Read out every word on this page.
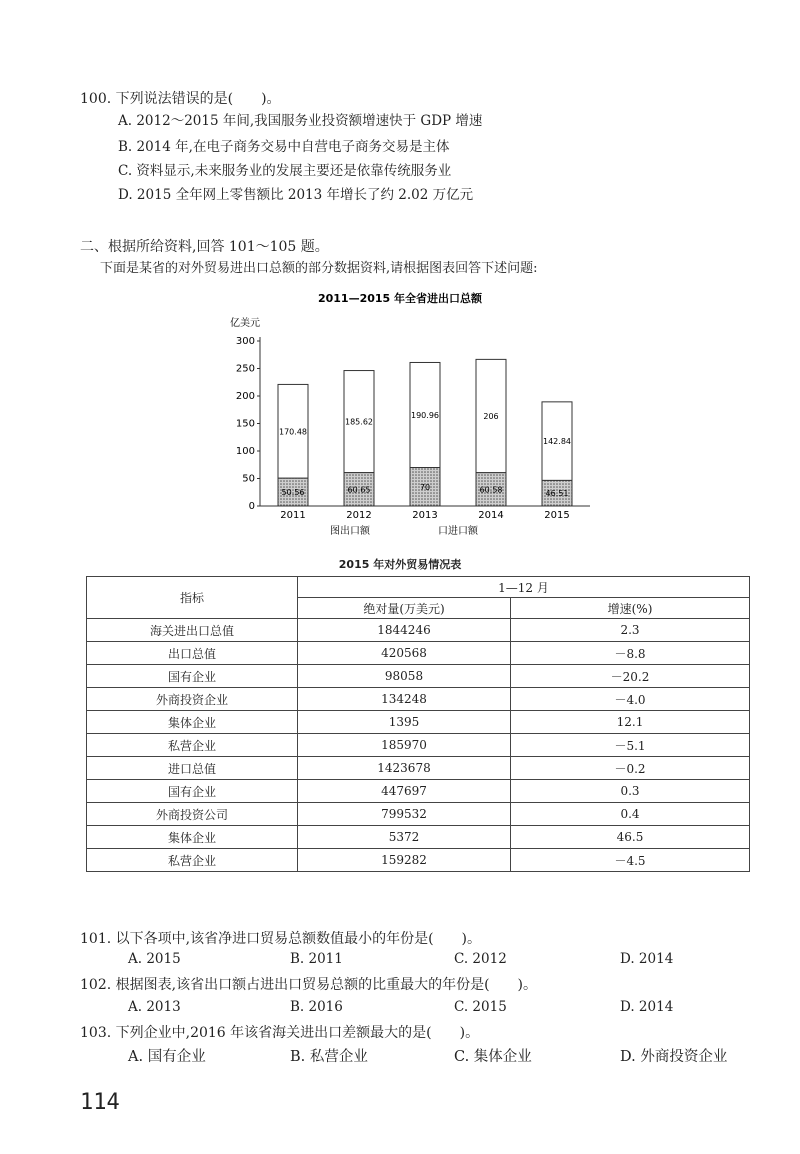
100. 下列说法错误的是(　　)。
A. 2012～2015 年间,我国服务业投资额增速快于 GDP 增速
B. 2014 年,在电子商务交易中自营电子商务交易是主体
C. 资料显示,未来服务业的发展主要还是依靠传统服务业
D. 2015 全年网上零售额比 2013 年增长了约 2.02 万亿元
二、根据所给资料,回答 101～105 题。
下面是某省的对外贸易进出口总额的部分数据资料,请根据图表回答下述问题:
2011—2015 年全省进出口总额
亿美元
0
50
100
150
200
250
300
170.48
50.56
2011
185.62
60.65
2012
190.96
70
2013
206
60.58
2014
142.84
46.51
2015
图出口额	口进口额
2015 年对外贸易情况表
指标	1—12 月	
	绝对量(万美元)	增速(%)
海关进出口总值	1844246	2.3
出口总值	420568	－8.8
国有企业	98058	－20.2
外商投资企业	134248	－4.0
集体企业	1395	12.1
私营企业	185970	－5.1
进口总值	1423678	－0.2
国有企业	447697	0.3
外商投资公司	799532	0.4
集体企业	5372	46.5
私营企业	159282	－4.5
101. 以下各项中,该省净进口贸易总额数值最小的年份是(　　)。
A. 2015	B. 2011	C. 2012	D. 2014
102. 根据图表,该省出口额占进出口贸易总额的比重最大的年份是(　　)。
A. 2013	B. 2016	C. 2015	D. 2014
103. 下列企业中,2016 年该省海关进出口差额最大的是(　　)。
A. 国有企业	B. 私营企业	C. 集体企业	D. 外商投资企业
114
